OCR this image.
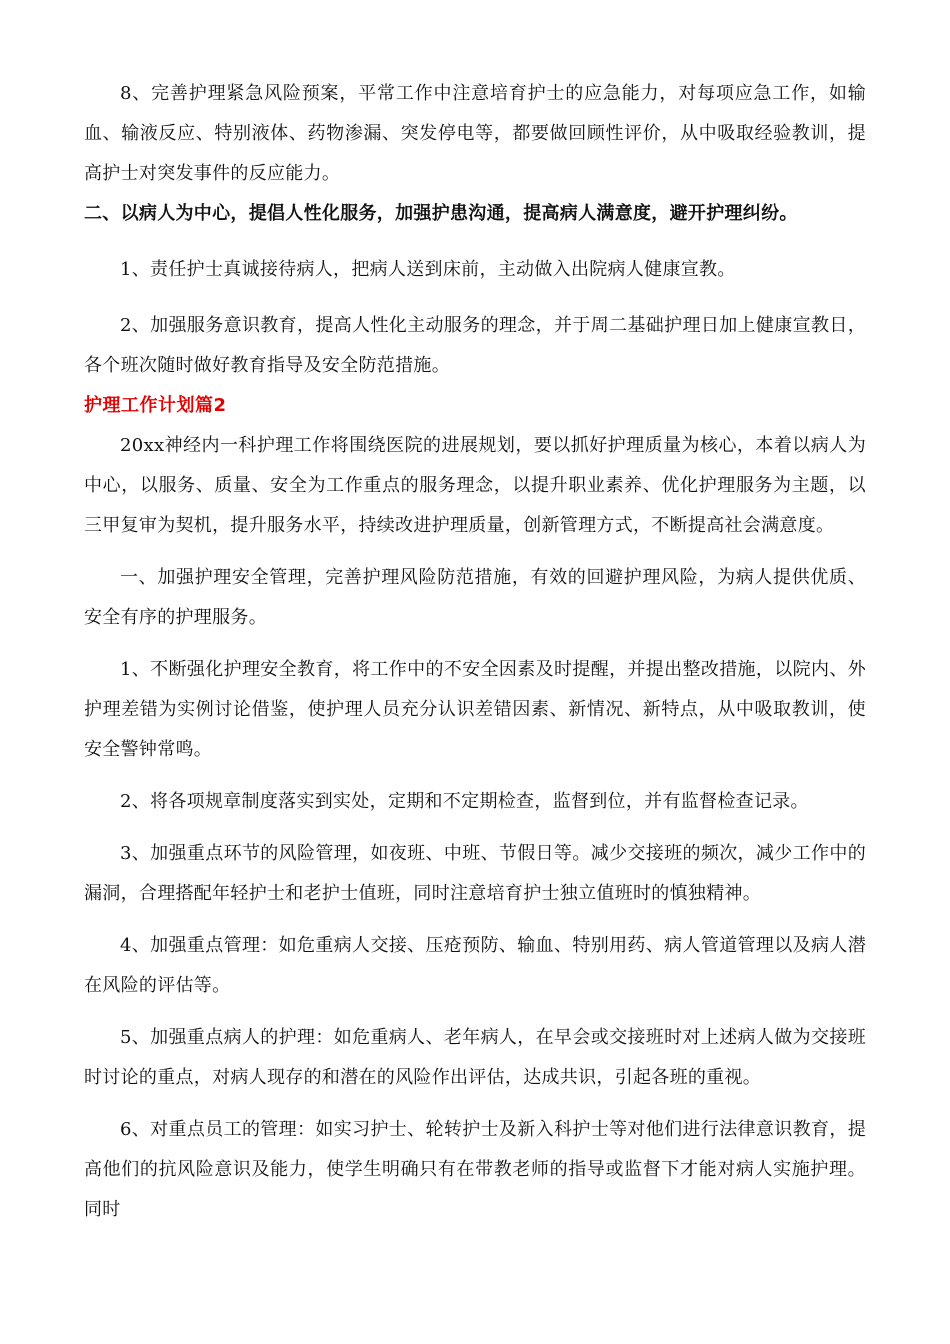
8、完善护理紧急风险预案，平常工作中注意培育护士的应急能力，对每项应急工作，如输血、输液反应、特别液体、药物渗漏、突发停电等，都要做回顾性评价，从中吸取经验教训，提高护士对突发事件的反应能力。

二、以病人为中心，提倡人性化服务，加强护患沟通，提高病人满意度，避开护理纠纷。

1、责任护士真诚接待病人，把病人送到床前，主动做入出院病人健康宣教。

2、加强服务意识教育，提高人性化主动服务的理念，并于周二基础护理日加上健康宣教日，各个班次随时做好教育指导及安全防范措施。

护理工作计划篇2

20xx神经内一科护理工作将围绕医院的进展规划，要以抓好护理质量为核心，本着以病人为中心，以服务、质量、安全为工作重点的服务理念，以提升职业素养、优化护理服务为主题，以三甲复审为契机，提升服务水平，持续改进护理质量，创新管理方式，不断提高社会满意度。

一、加强护理安全管理，完善护理风险防范措施，有效的回避护理风险，为病人提供优质、安全有序的护理服务。

1、不断强化护理安全教育，将工作中的不安全因素及时提醒，并提出整改措施，以院内、外护理差错为实例讨论借鉴，使护理人员充分认识差错因素、新情况、新特点，从中吸取教训，使安全警钟常鸣。

2、将各项规章制度落实到实处，定期和不定期检查，监督到位，并有监督检查记录。

3、加强重点环节的风险管理，如夜班、中班、节假日等。减少交接班的频次，减少工作中的漏洞，合理搭配年轻护士和老护士值班，同时注意培育护士独立值班时的慎独精神。

4、加强重点管理：如危重病人交接、压疮预防、输血、特别用药、病人管道管理以及病人潜在风险的评估等。

5、加强重点病人的护理：如危重病人、老年病人，在早会或交接班时对上述病人做为交接班时讨论的重点，对病人现存的和潜在的风险作出评估，达成共识，引起各班的重视。

6、对重点员工的管理：如实习护士、轮转护士及新入科护士等对他们进行法律意识教育，提高他们的抗风险意识及能力，使学生明确只有在带教老师的指导或监督下才能对病人实施护理。同时
